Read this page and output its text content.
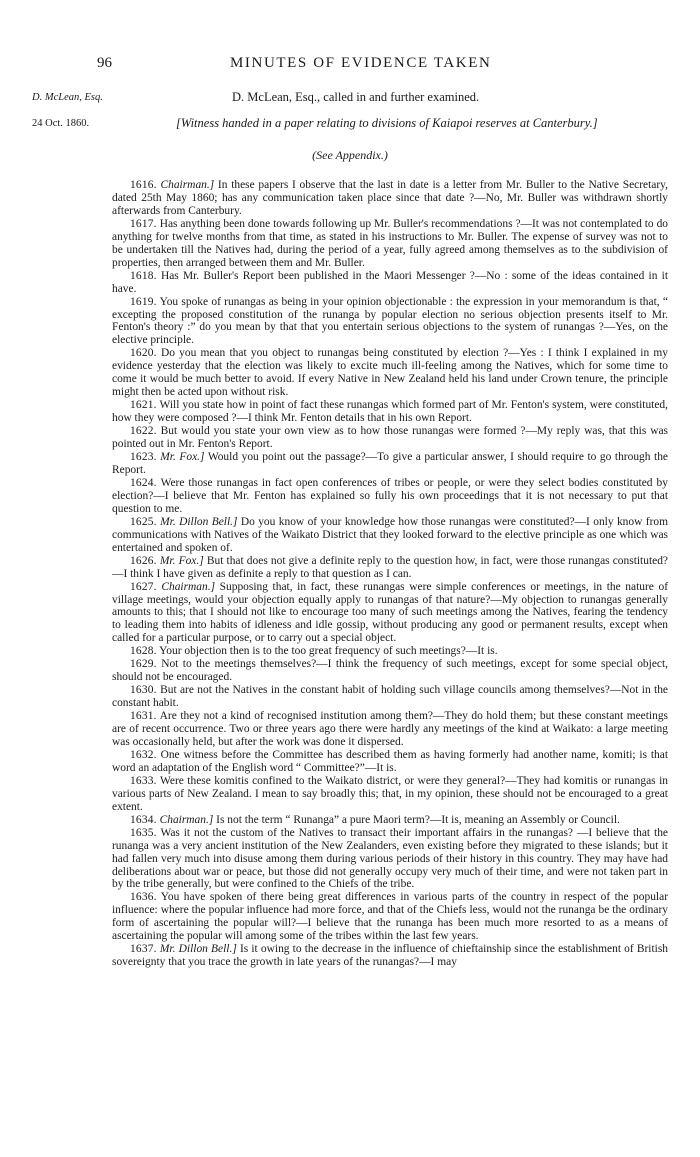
96	MINUTES OF EVIDENCE TAKEN
D. McLean, Esq.
24 Oct. 1860.
D. McLean, Esq., called in and further examined.
[Witness handed in a paper relating to divisions of Kaiapoi reserves at Canterbury.]
(See Appendix.)

1616. Chairman.] In these papers I observe that the last in date is a letter from Mr. Buller to the Native Secretary, dated 25th May 1860; has any communication taken place since that date ?—No, Mr. Buller was withdrawn shortly afterwards from Canterbury.

1617. Has anything been done towards following up Mr. Buller's recommendations ?—It was not contemplated to do anything for twelve months from that time, as stated in his instructions to Mr. Buller. The expense of survey was not to be undertaken till the Natives had, during the period of a year, fully agreed among themselves as to the subdivision of properties, then arranged between them and Mr. Buller.

1618. Has Mr. Buller's Report been published in the Maori Messenger ?—No : some of the ideas contained in it have.

1619. You spoke of runangas as being in your opinion objectionable : the expression in your memorandum is that, “ excepting the proposed constitution of the runanga by popular election no serious objection presents itself to Mr. Fenton's theory :” do you mean by that that you entertain serious objections to the system of runangas ?—Yes, on the elective principle.

1620. Do you mean that you object to runangas being constituted by election ?—Yes : I think I explained in my evidence yesterday that the election was likely to excite much ill-feeling among the Natives, which for some time to come it would be much better to avoid. If every Native in New Zealand held his land under Crown tenure, the principle might then be acted upon without risk.

1621. Will you state how in point of fact these runangas which formed part of Mr. Fenton's system, were constituted, how they were composed ?—I think Mr. Fenton details that in his own Report.

1622. But would you state your own view as to how those runangas were formed ?—My reply was, that this was pointed out in Mr. Fenton's Report.

1623. Mr. Fox.] Would you point out the passage?—To give a particular answer, I should require to go through the Report.

1624. Were those runangas in fact open conferences of tribes or people, or were they select bodies constituted by election?—I believe that Mr. Fenton has explained so fully his own proceedings that it is not necessary to put that question to me.

1625. Mr. Dillon Bell.] Do you know of your knowledge how those runangas were constituted?—I only know from communications with Natives of the Waikato District that they looked forward to the elective principle as one which was entertained and spoken of.

1626. Mr. Fox.] But that does not give a definite reply to the question how, in fact, were those runangas constituted?—I think I have given as definite a reply to that question as I can.

1627. Chairman.] Supposing that, in fact, these runangas were simple conferences or meetings, in the nature of village meetings, would your objection equally apply to runangas of that nature?—My objection to runangas generally amounts to this; that I should not like to encourage too many of such meetings among the Natives, fearing the tendency to leading them into habits of idleness and idle gossip, without producing any good or permanent results, except when called for a particular purpose, or to carry out a special object.

1628. Your objection then is to the too great frequency of such meetings?—It is.

1629. Not to the meetings themselves?—I think the frequency of such meetings, except for some special object, should not be encouraged.

1630. But are not the Natives in the constant habit of holding such village councils among themselves?—Not in the constant habit.

1631. Are they not a kind of recognised institution among them?—They do hold them; but these constant meetings are of recent occurrence. Two or three years ago there were hardly any meetings of the kind at Waikato: a large meeting was occasionally held, but after the work was done it dispersed.

1632. One witness before the Committee has described them as having formerly had another name, komiti; is that word an adaptation of the English word “ Committee?”—It is.

1633. Were these komitis confined to the Waikato district, or were they general?—They had komitis or runangas in various parts of New Zealand. I mean to say broadly this; that, in my opinion, these should not be encouraged to a great extent.

1634. Chairman.] Is not the term “ Runanga” a pure Maori term?—It is, meaning an Assembly or Council.

1635. Was it not the custom of the Natives to transact their important affairs in the runangas? —I believe that the runanga was a very ancient institution of the New Zealanders, even existing before they migrated to these islands; but it had fallen very much into disuse among them during various periods of their history in this country. They may have had deliberations about war or peace, but those did not generally occupy very much of their time, and were not taken part in by the tribe generally, but were confined to the Chiefs of the tribe.

1636. You have spoken of there being great differences in various parts of the country in respect of the popular influence: where the popular influence had more force, and that of the Chiefs less, would not the runanga be the ordinary form of ascertaining the popular will?—I believe that the runanga has been much more resorted to as a means of ascertaining the popular will among some of the tribes within the last few years.

1637. Mr. Dillon Bell.] Is it owing to the decrease in the influence of chieftainship since the establishment of British sovereignty that you trace the growth in late years of the runangas?—I may
